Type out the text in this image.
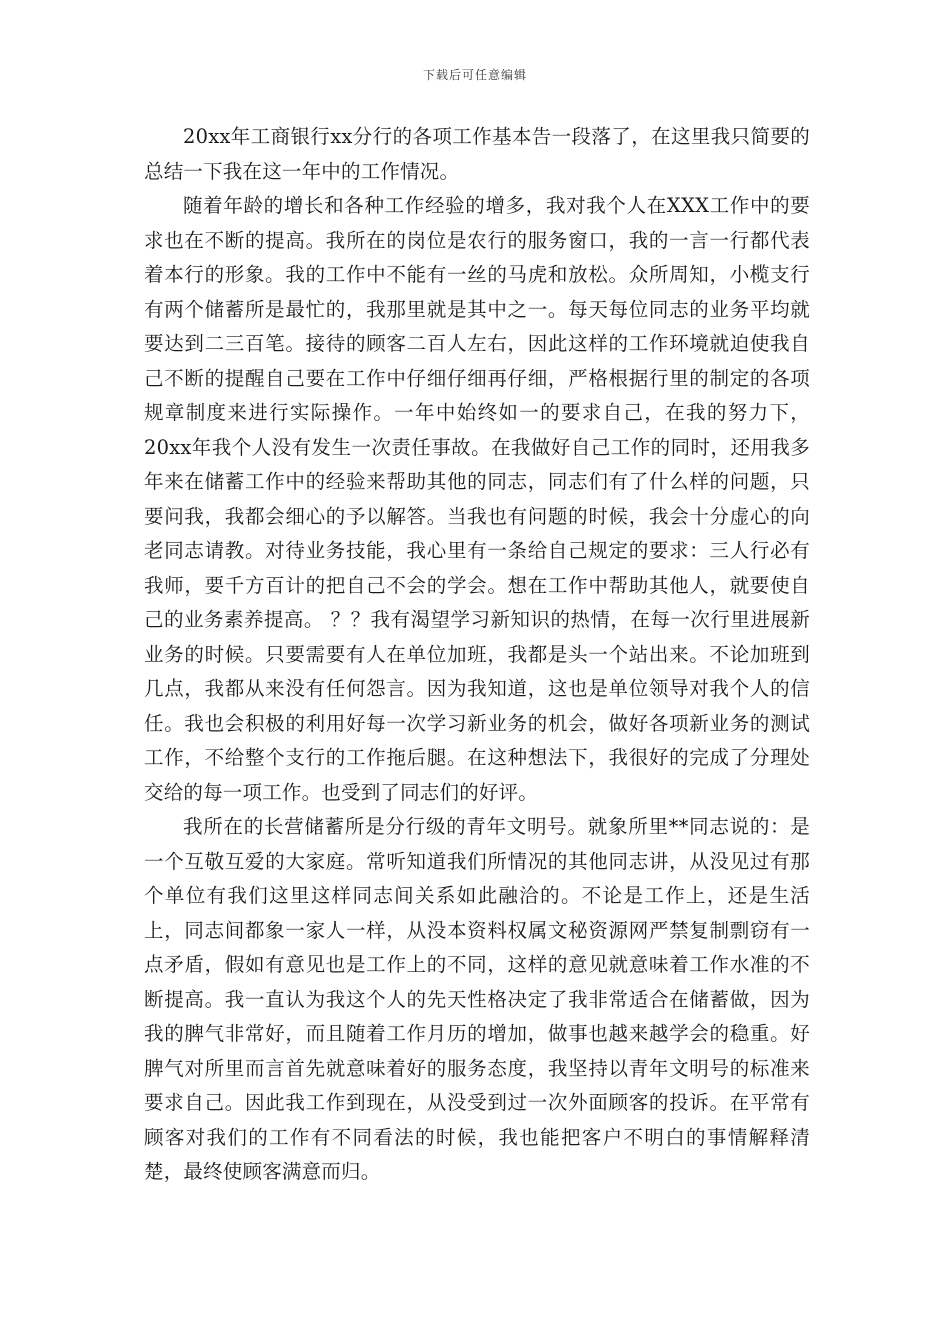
下载后可任意编辑

20xx年工商银行xx分行的各项工作基本告一段落了，在这里我只简要的总结一下我在这一年中的工作情况。

随着年龄的增长和各种工作经验的增多，我对我个人在XXX工作中的要求也在不断的提高。我所在的岗位是农行的服务窗口，我的一言一行都代表着本行的形象。我的工作中不能有一丝的马虎和放松。众所周知，小榄支行有两个储蓄所是最忙的，我那里就是其中之一。每天每位同志的业务平均就要达到二三百笔。接待的顾客二百人左右，因此这样的工作环境就迫使我自己不断的提醒自己要在工作中仔细仔细再仔细，严格根据行里的制定的各项规章制度来进行实际操作。一年中始终如一的要求自己，在我的努力下，20xx年我个人没有发生一次责任事故。在我做好自己工作的同时，还用我多年来在储蓄工作中的经验来帮助其他的同志，同志们有了什么样的问题，只要问我，我都会细心的予以解答。当我也有问题的时候，我会十分虚心的向老同志请教。对待业务技能，我心里有一条给自己规定的要求：三人行必有我师，要千方百计的把自己不会的学会。想在工作中帮助其他人，就要使自己的业务素养提高。 ？？我有渴望学习新知识的热情，在每一次行里进展新业务的时候。只要需要有人在单位加班，我都是头一个站出来。不论加班到几点，我都从来没有任何怨言。因为我知道，这也是单位领导对我个人的信任。我也会积极的利用好每一次学习新业务的机会，做好各项新业务的测试工作，不给整个支行的工作拖后腿。在这种想法下，我很好的完成了分理处交给的每一项工作。也受到了同志们的好评。

我所在的长营储蓄所是分行级的青年文明号。就象所里**同志说的：是一个互敬互爱的大家庭。常听知道我们所情况的其他同志讲，从没见过有那个单位有我们这里这样同志间关系如此融洽的。不论是工作上，还是生活上，同志间都象一家人一样，从没本资料权属文秘资源网严禁复制剽窃有一点矛盾，假如有意见也是工作上的不同，这样的意见就意味着工作水准的不断提高。我一直认为我这个人的先天性格决定了我非常适合在储蓄做，因为我的脾气非常好，而且随着工作月历的增加，做事也越来越学会的稳重。好脾气对所里而言首先就意味着好的服务态度，我坚持以青年文明号的标准来要求自己。因此我工作到现在，从没受到过一次外面顾客的投诉。在平常有顾客对我们的工作有不同看法的时候，我也能把客户不明白的事情解释清楚，最终使顾客满意而归。
